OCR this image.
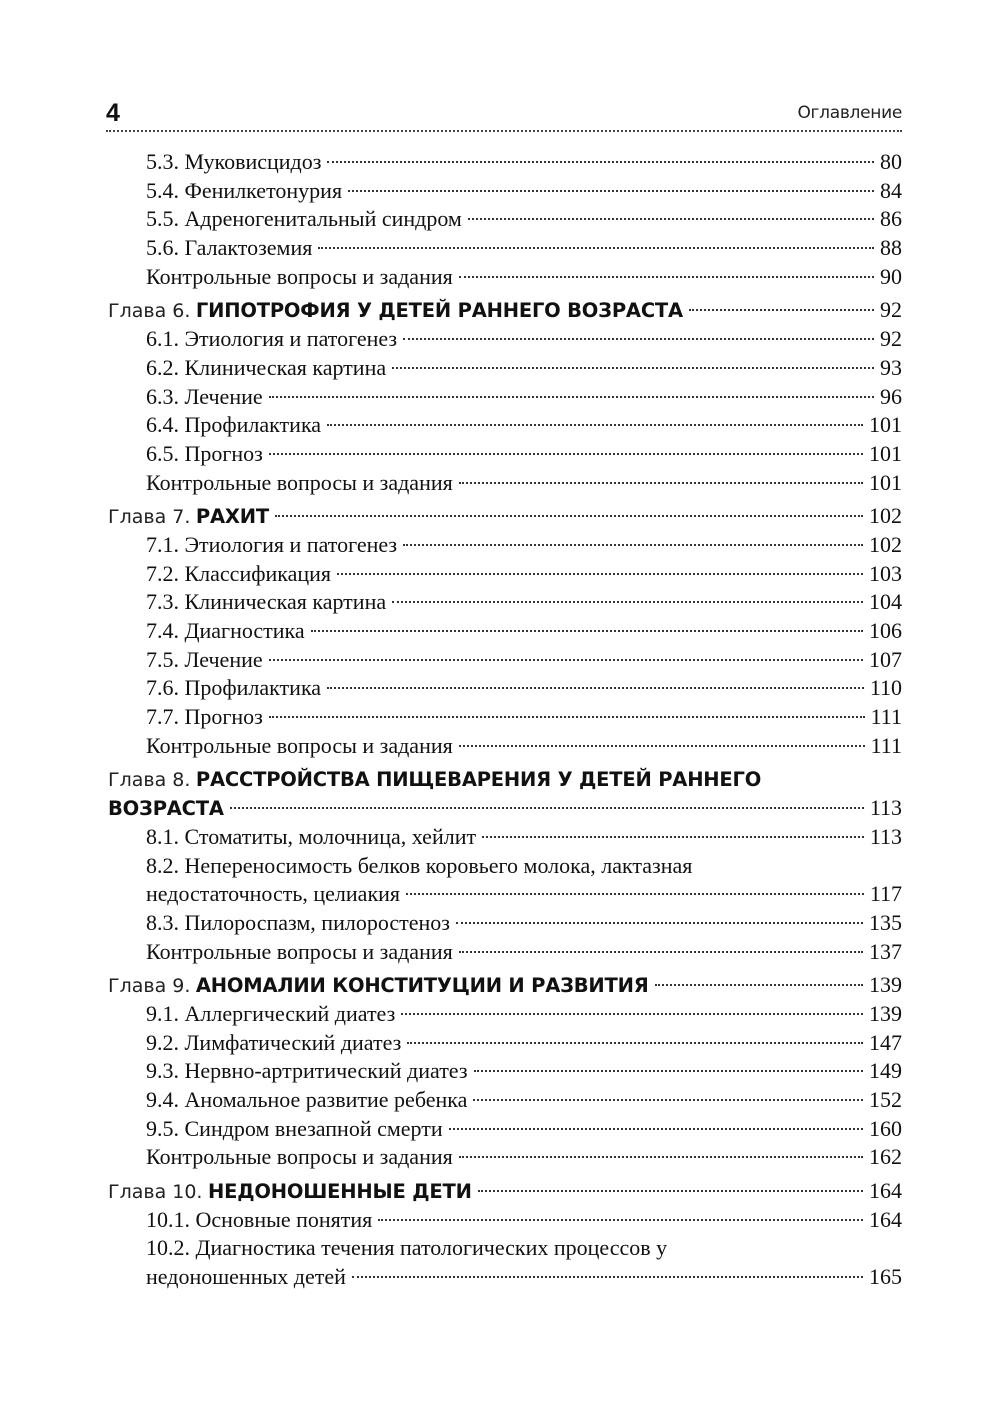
4	Оглавление
5.3. Муковисцидоз	80
5.4. Фенилкетонурия	84
5.5. Адреногенитальный синдром	86
5.6. Галактоземия	88
Контрольные вопросы и задания	90
Глава 6. ГИПОТРОФИЯ У ДЕТЕЙ РАННЕГО ВОЗРАСТА	92
6.1. Этиология и патогенез	92
6.2. Клиническая картина	93
6.3. Лечение	96
6.4. Профилактика	101
6.5. Прогноз	101
Контрольные вопросы и задания	101
Глава 7. РАХИТ	102
7.1. Этиология и патогенез	102
7.2. Классификация	103
7.3. Клиническая картина	104
7.4. Диагностика	106
7.5. Лечение	107
7.6. Профилактика	110
7.7. Прогноз	111
Контрольные вопросы и задания	111
Глава 8. РАССТРОЙСТВА ПИЩЕВАРЕНИЯ У ДЕТЕЙ РАННЕГО
ВОЗРАСТА	113
8.1. Стоматиты, молочница, хейлит	113
8.2. Непереносимость белков коровьего молока, лактазная
недостаточность, целиакия	117
8.3. Пилороспазм, пилоростеноз	135
Контрольные вопросы и задания	137
Глава 9. АНОМАЛИИ КОНСТИТУЦИИ И РАЗВИТИЯ	139
9.1. Аллергический диатез	139
9.2. Лимфатический диатез	147
9.3. Нервно-артритический диатез	149
9.4. Аномальное развитие ребенка	152
9.5. Синдром внезапной смерти	160
Контрольные вопросы и задания	162
Глава 10. НЕДОНОШЕННЫЕ ДЕТИ	164
10.1. Основные понятия	164
10.2. Диагностика течения патологических процессов у
недоношенных детей	165
